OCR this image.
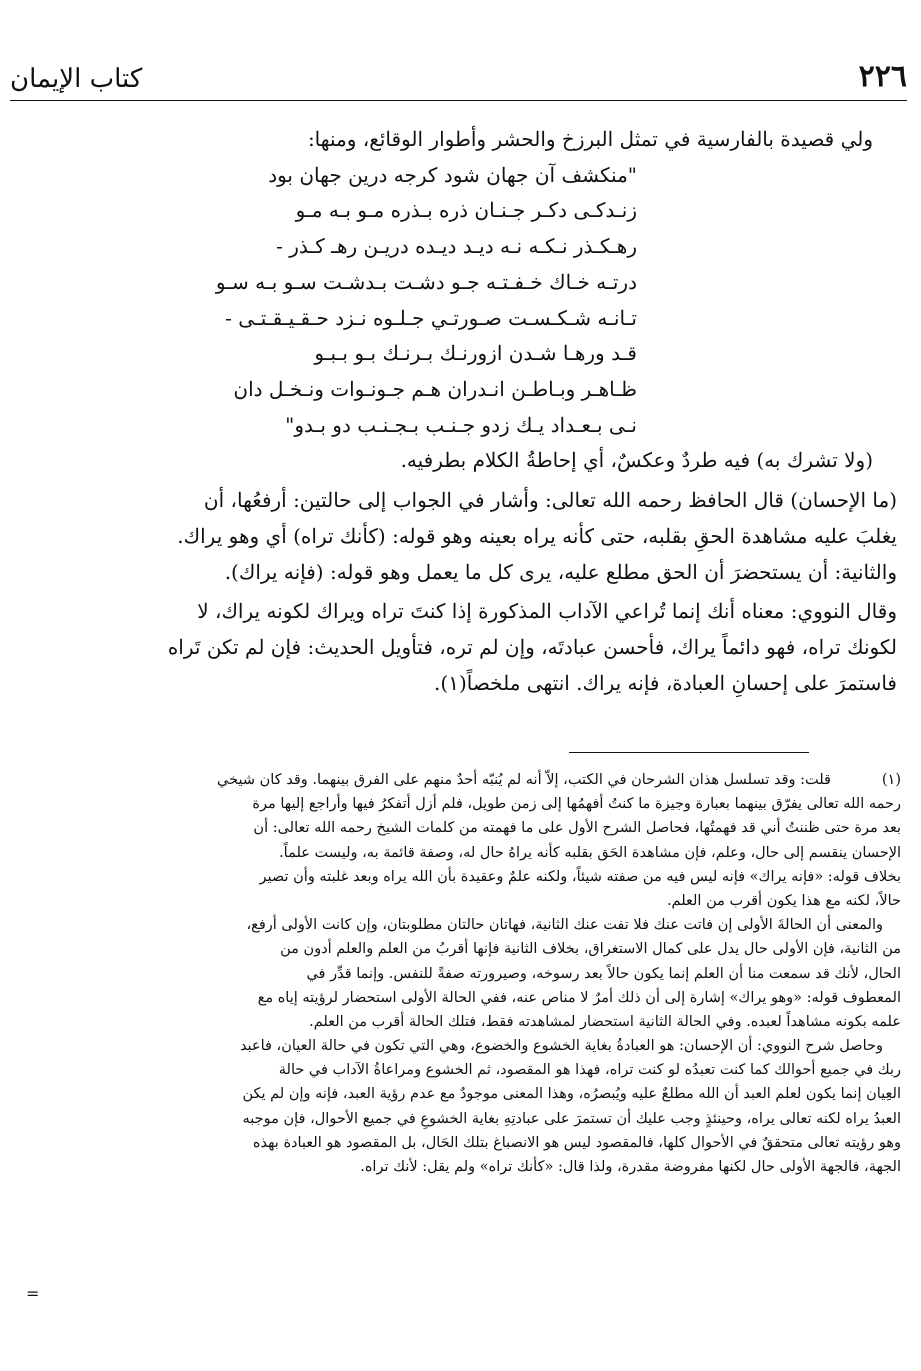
٢٢٦
كتاب الإيمان
ولي قصيدة بالفارسية في تمثل البرزخ والحشر وأطوار الوقائع، ومنها:
"منكشف آن جهان شود كرجه درين جهان بود
زنـدكـى دكـر جـنـان ذره بـذره مـو بـه مـو
رهـكـذر نـكـه نـه ديـد ديـده دريـن رهـ كـذر -
درتـه خـاك خـفـتـه جـو دشـت بـدشـت سـو بـه سـو
تـانـه شـكـسـت صـورتـي جـلـوه نـزد حـقـيـقـتـى -
قـد ورهـا شـدن ازورنـك بـرنـك بـو بـبـو
ظـاهـر وبـاطـن انـدران هـم جـونـوات ونـخـل دان
نـى بـعـداد يـك زدو جـنـب بـجـنـب دو بـدو"
(ولا تشرك به) فيه طردٌ وعكسٌ، أي إحاطةُ الكلام بطرفيه.
(ما الإحسان) قال الحافظ رحمه الله تعالى: وأشار في الجواب إلى حالتين: أرفعُها، أن
يغلبَ عليه مشاهدة الحقِ بقلبه، حتى كأنه يراه بعينه وهو قوله: (كأنك تراه) أي وهو يراك.
والثانية: أن يستحضرَ أن الحق مطلع عليه، يرى كل ما يعمل وهو قوله: (فإنه يراك).
وقال النووي: معناه أنك إنما تُراعي الآداب المذكورة إذا كنتَ تراه ويراك لكونه يراك، لا
لكونك تراه، فهو دائماً يراك، فأحسن عبادتَه، وإن لم تره، فتأويل الحديث: فإن لم تكن تَراه
فاستمرَ على إحسانِ العبادة، فإنه يراك. انتهى ملخصاً(١).
(١)قلت: وقد تسلسل هذان الشرحان في الكتب، إلاّ أنه لم يُنبّه أحدٌ منهم على الفرق بينهما. وقد كان شيخي
رحمه الله تعالى يفرّق بينهما بعبارة وجيزة ما كنتُ أفهمُها إلى زمن طويل، فلم أزل أتفكرُ فيها وأراجع إليها مرة
بعد مرة حتى ظننتُ أني قد فهمتُها، فحاصل الشرح الأول على ما فهمته من كلمات الشيخ رحمه الله تعالى: أن
الإحسان ينقسم إلى حال، وعلم، فإن مشاهدة الحَق بقلبه كأنه يراهُ حال له، وصفة قائمة به، وليست علماً.
بخلاف قوله: «فإنه يراك» فإنه ليس فيه من صفته شيئاً، ولكنه علمٌ وعقيدة بأن الله يراه وبعد غلبته وأن تصير
حالاً، لكنه مع هذا يكون أقرب من العلم.
والمعنى أن الحالةَ الأولى إن فاتت عنك فلا تفت عنك الثانية، فهاتان حالتان مطلوبتان، وإن كانت الأولى أرفع،
من الثانية، فإن الأولى حال يدل على كمال الاستغراق، بخلاف الثانية فإنها أقربُ من العلم والعلم أدون من
الحال، لأنك قد سمعت منا أن العلم إنما يكون حالاً بعد رسوخه، وصيرورته صفةً للنفس. وإنما قدِّر في
المعطوف قوله: «وهو يراك» إشارة إلى أن ذلك أمرٌ لا مناص عنه، ففي الحالة الأولى استحضار لرؤيته إياه مع
علمه بكونه مشاهداً لعبده. وفي الحالة الثانية استحضار لمشاهدته فقط، فتلك الحالة أقرب من العلم.
وحاصل شرح النووي: أن الإحسان: هو العبادةُ بغاية الخشوع والخضوع، وهي التي تكون في حالة العيان، فاعبد
ربك في جميع أحوالك كما كنت تعبدُه لو كنت تراه، فهذا هو المقصود، ثم الخشوع ومراعاةُ الآداب في حالة
العِيان إنما يكون لعلم العبد أن الله مطلعٌ عليه ويُبصرُه، وهذا المعنى موجودٌ مع عدم رؤية العبد، فإنه وإن لم يكن
العبدُ يراه لكنه تعالى يراه، وحينئذٍ وجب عليك أن تستمرَ على عبادتِهِ بغاية الخشوعِ في جميع الأحوال، فإن موجبه
وهو رؤيته تعالى متحققٌ في الأحوال كلها، فالمقصود ليس هو الانصباغ بتلك الحَال، بل المقصود هو العبادة بهذه
الجهة، فالجهة الأولى حال لكنها مفروضة مقدرة، ولذا قال: «كأنك تراه» ولم يقل: لأنك تراه.
=
